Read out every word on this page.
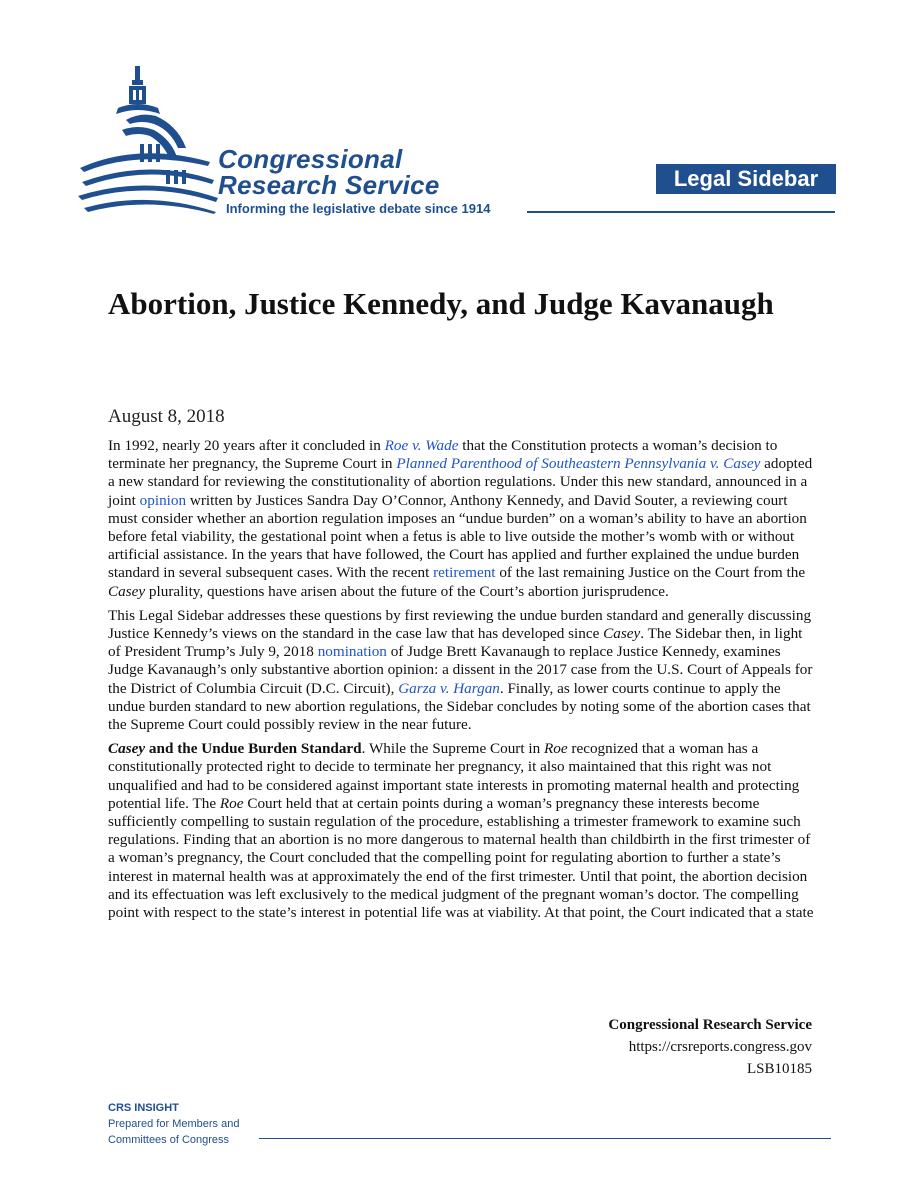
Congressional
Research Service
Informing the legislative debate since 1914
Legal Sidebar
Abortion, Justice Kennedy, and Judge Kavanaugh
August 8, 2018

In 1992, nearly 20 years after it concluded in Roe v. Wade that the Constitution protects a woman’s decision to terminate her pregnancy, the Supreme Court in Planned Parenthood of Southeastern Pennsylvania v. Casey adopted a new standard for reviewing the constitutionality of abortion regulations. Under this new standard, announced in a joint opinion written by Justices Sandra Day O’Connor, Anthony Kennedy, and David Souter, a reviewing court must consider whether an abortion regulation imposes an “undue burden” on a woman’s ability to have an abortion before fetal viability, the gestational point when a fetus is able to live outside the mother’s womb with or without artificial assistance. In the years that have followed, the Court has applied and further explained the undue burden standard in several subsequent cases. With the recent retirement of the last remaining Justice on the Court from the Casey plurality, questions have arisen about the future of the Court’s abortion jurisprudence.

This Legal Sidebar addresses these questions by first reviewing the undue burden standard and generally discussing Justice Kennedy’s views on the standard in the case law that has developed since Casey. The Sidebar then, in light of President Trump’s July 9, 2018 nomination of Judge Brett Kavanaugh to replace Justice Kennedy, examines Judge Kavanaugh’s only substantive abortion opinion: a dissent in the 2017 case from the U.S. Court of Appeals for the District of Columbia Circuit (D.C. Circuit), Garza v. Hargan. Finally, as lower courts continue to apply the undue burden standard to new abortion regulations, the Sidebar concludes by noting some of the abortion cases that the Supreme Court could possibly review in the near future.

Casey and the Undue Burden Standard. While the Supreme Court in Roe recognized that a woman has a constitutionally protected right to decide to terminate her pregnancy, it also maintained that this right was not unqualified and had to be considered against important state interests in promoting maternal health and protecting potential life. The Roe Court held that at certain points during a woman’s pregnancy these interests become sufficiently compelling to sustain regulation of the procedure, establishing a trimester framework to examine such regulations. Finding that an abortion is no more dangerous to maternal health than childbirth in the first trimester of a woman’s pregnancy, the Court concluded that the compelling point for regulating abortion to further a state’s interest in maternal health was at approximately the end of the first trimester. Until that point, the abortion decision and its effectuation was left exclusively to the medical judgment of the pregnant woman’s doctor. The compelling point with respect to the state’s interest in potential life was at viability. At that point, the Court indicated that a state

Congressional Research Service
https://crsreports.congress.gov
LSB10185
CRS INSIGHT
Prepared for Members and
Committees of Congress
